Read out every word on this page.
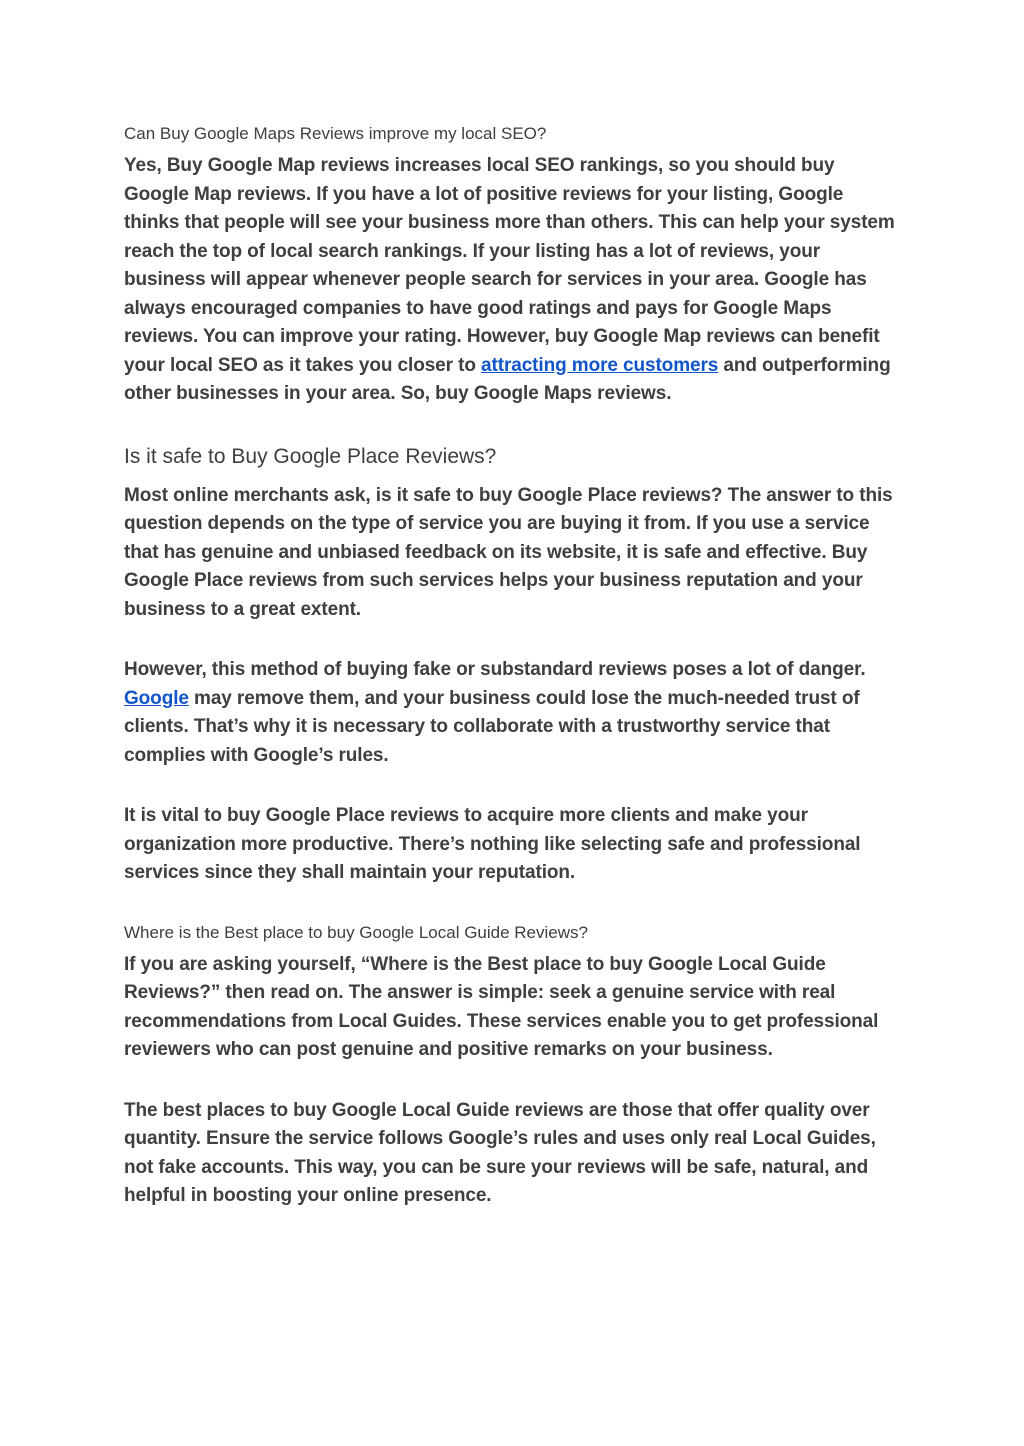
Can Buy Google Maps Reviews improve my local SEO?

Yes, Buy Google Map reviews increases local SEO rankings, so you should buy Google Map reviews. If you have a lot of positive reviews for your listing, Google thinks that people will see your business more than others. This can help your system reach the top of local search rankings. If your listing has a lot of reviews, your business will appear whenever people search for services in your area. Google has always encouraged companies to have good ratings and pays for Google Maps reviews. You can improve your rating. However, buy Google Map reviews can benefit your local SEO as it takes you closer to attracting more customers and outperforming other businesses in your area. So, buy Google Maps reviews.

Is it safe to Buy Google Place Reviews?

Most online merchants ask, is it safe to buy Google Place reviews? The answer to this question depends on the type of service you are buying it from. If you use a service that has genuine and unbiased feedback on its website, it is safe and effective. Buy Google Place reviews from such services helps your business reputation and your business to a great extent.

However, this method of buying fake or substandard reviews poses a lot of danger. Google may remove them, and your business could lose the much-needed trust of clients. That’s why it is necessary to collaborate with a trustworthy service that complies with Google’s rules.

It is vital to buy Google Place reviews to acquire more clients and make your organization more productive. There’s nothing like selecting safe and professional services since they shall maintain your reputation.

Where is the Best place to buy Google Local Guide Reviews?

If you are asking yourself, “Where is the Best place to buy Google Local Guide Reviews?” then read on. The answer is simple: seek a genuine service with real recommendations from Local Guides. These services enable you to get professional reviewers who can post genuine and positive remarks on your business.

The best places to buy Google Local Guide reviews are those that offer quality over quantity. Ensure the service follows Google’s rules and uses only real Local Guides, not fake accounts. This way, you can be sure your reviews will be safe, natural, and helpful in boosting your online presence.
